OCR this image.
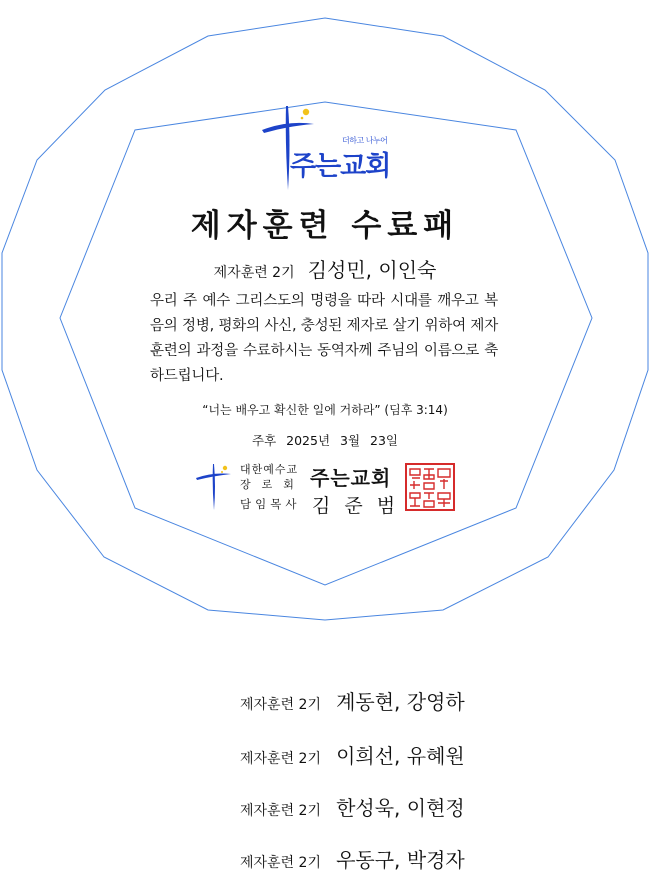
더하고 나누어
주는교회
제자훈련 수료패
제자훈련 2기 김성민, 이인숙
우리 주 예수 그리스도의 명령을 따라 시대를 깨우고 복음의 정병, 평화의 사신, 충성된 제자로 살기 위하여 제자 훈련의 과정을 수료하시는 동역자께 주님의 이름으로 축하드립니다.
“너는 배우고 확신한 일에 거하라” (딤후 3:14)
주후 2025년 3월 23일
대한예수교
장로회 주는교회
담임목사 김준범
제자훈련 2기 계동현, 강영하
제자훈련 2기 이희선, 유혜원
제자훈련 2기 한성욱, 이현정
제자훈련 2기 우동구, 박경자
